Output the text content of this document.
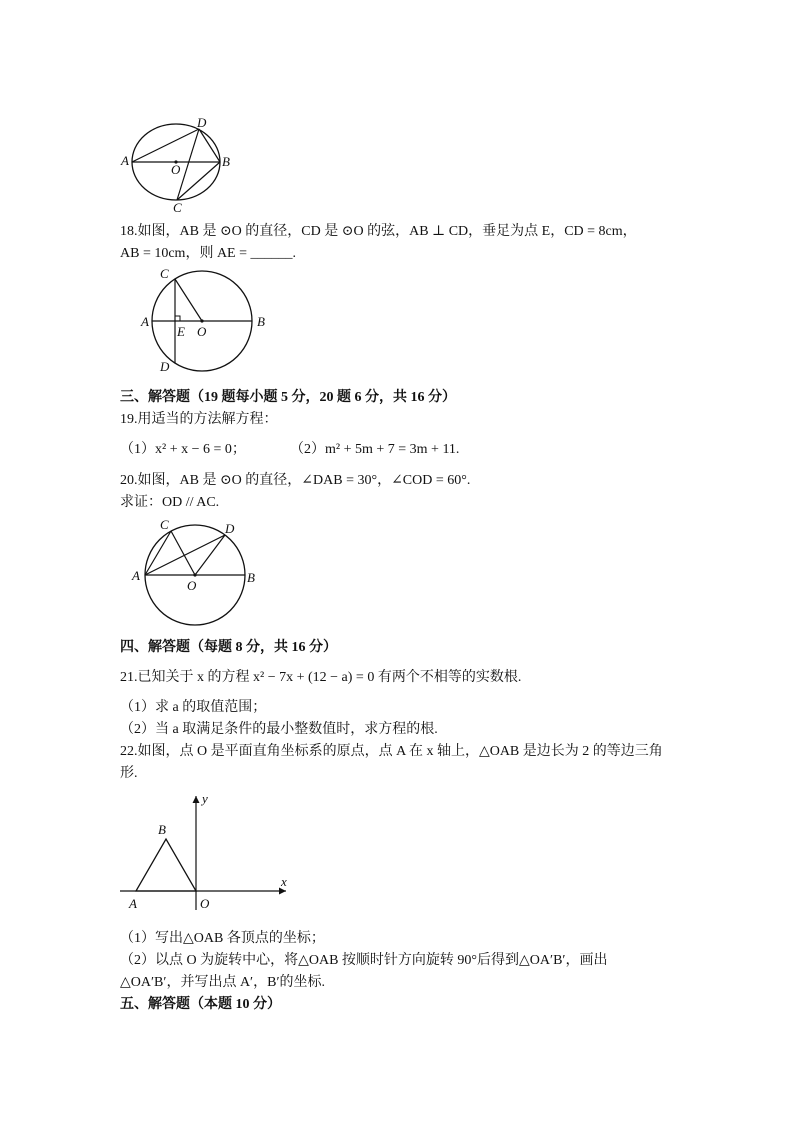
A	B
D
C
O
18.如图，AB 是 ⊙O 的直径，CD 是 ⊙O 的弦，AB ⊥ CD，垂足为点 E，CD = 8cm，
AB = 10cm，则 AE = ______.
C
A	B
E O
D
三、解答题（19 题每小题 5 分，20 题 6 分，共 16 分）
19.用适当的方法解方程：
（1）x² + x − 6 = 0；	（2）m² + 5m + 7 = 3m + 11.
20.如图，AB 是 ⊙O 的直径，∠DAB = 30°，∠COD = 60°.
求证：OD // AC.
C	D
A	B
O
四、解答题（每题 8 分，共 16 分）
21.已知关于 x 的方程 x² − 7x + (12 − a) = 0 有两个不相等的实数根.
（1）求 a 的取值范围；
（2）当 a 取满足条件的最小整数值时，求方程的根.
22.如图，点 O 是平面直角坐标系的原点，点 A 在 x 轴上，△OAB 是边长为 2 的等边三角
形.
y
x
B
A	O
（1）写出△OAB 各顶点的坐标；
（2）以点 O 为旋转中心，将△OAB 按顺时针方向旋转 90°后得到△OA′B′，画出
△OA′B′，并写出点 A′，B′的坐标.
五、解答题（本题 10 分）
